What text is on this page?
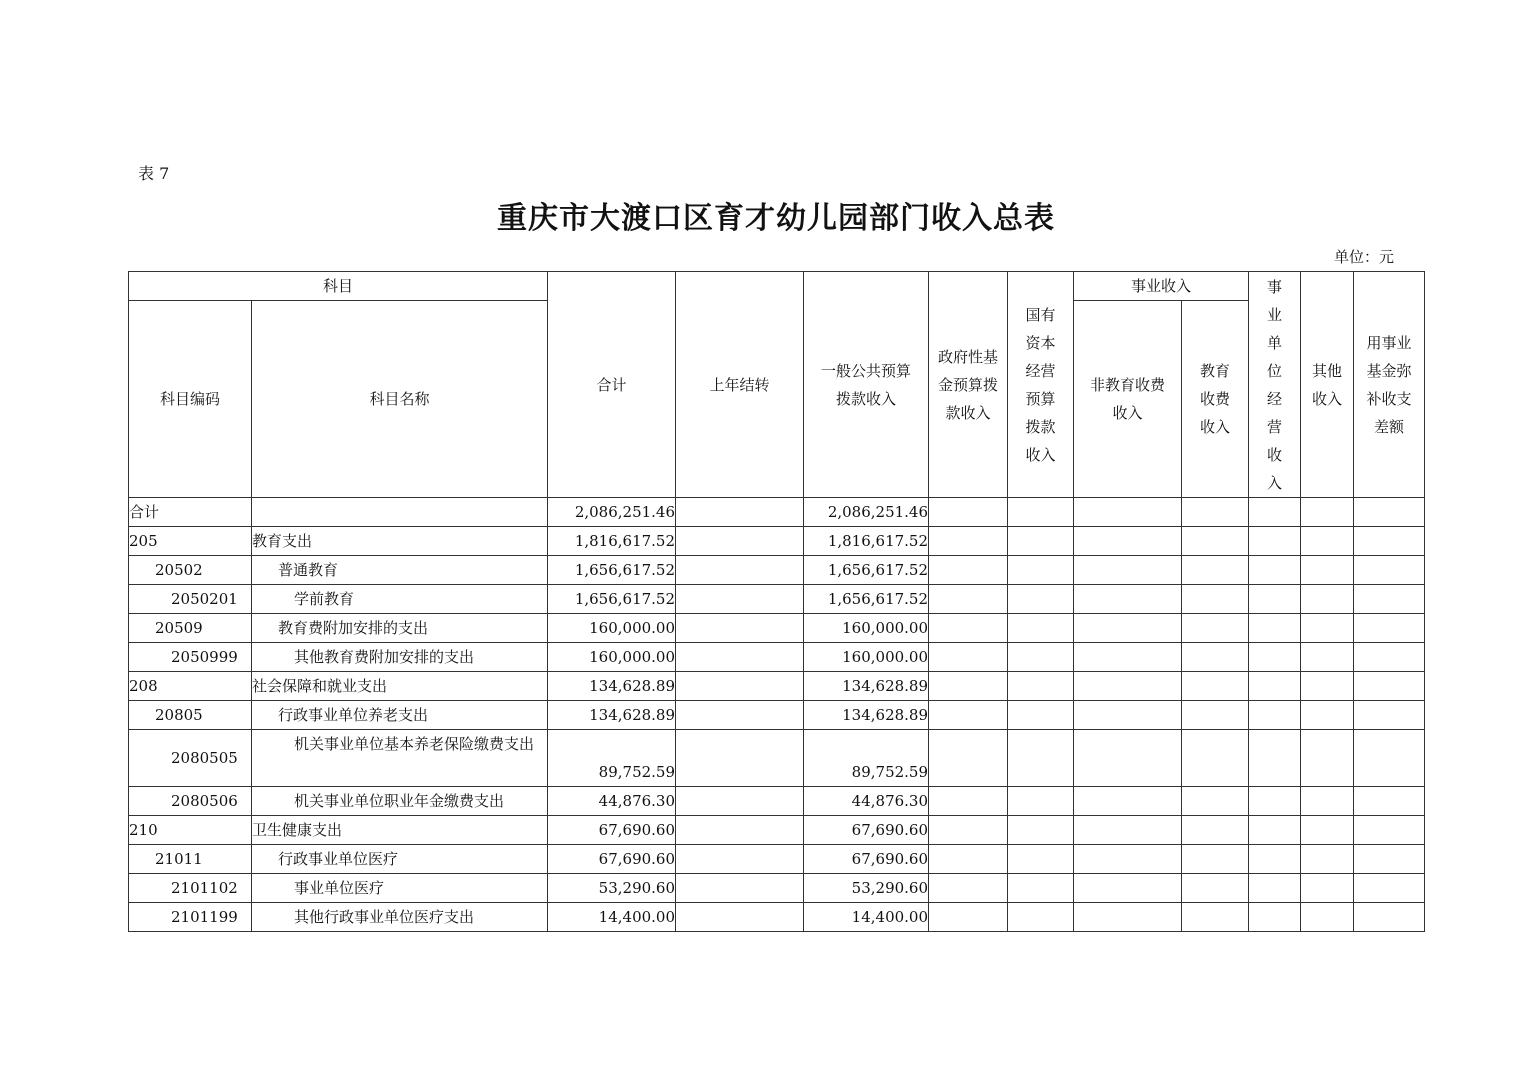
表 7
重庆市大渡口区育才幼儿园部门收入总表
单位：元
科目		合计	上年结转	一般公共预算拨款收入	政府性基金预算拨款收入	国有资本经营预算拨款收入	事业收入		事业单位经营收入	其他收入	用事业基金弥补收支差额
科目编码	科目名称						非教育收费收入	教育收费收入			
合计		2,086,251.46		2,086,251.46							
205	教育支出	1,816,617.52		1,816,617.52							
20502	普通教育	1,656,617.52		1,656,617.52							
2050201	学前教育	1,656,617.52		1,656,617.52							
20509	教育费附加安排的支出	160,000.00		160,000.00							
2050999	其他教育费附加安排的支出	160,000.00		160,000.00							
208	社会保障和就业支出	134,628.89		134,628.89							
20805	行政事业单位养老支出	134,628.89		134,628.89							
2080505	机关事业单位基本养老保险缴费支出	89,752.59		89,752.59							
2080506	机关事业单位职业年金缴费支出	44,876.30		44,876.30							
210	卫生健康支出	67,690.60		67,690.60							
21011	行政事业单位医疗	67,690.60		67,690.60							
2101102	事业单位医疗	53,290.60		53,290.60							
2101199	其他行政事业单位医疗支出	14,400.00		14,400.00							
